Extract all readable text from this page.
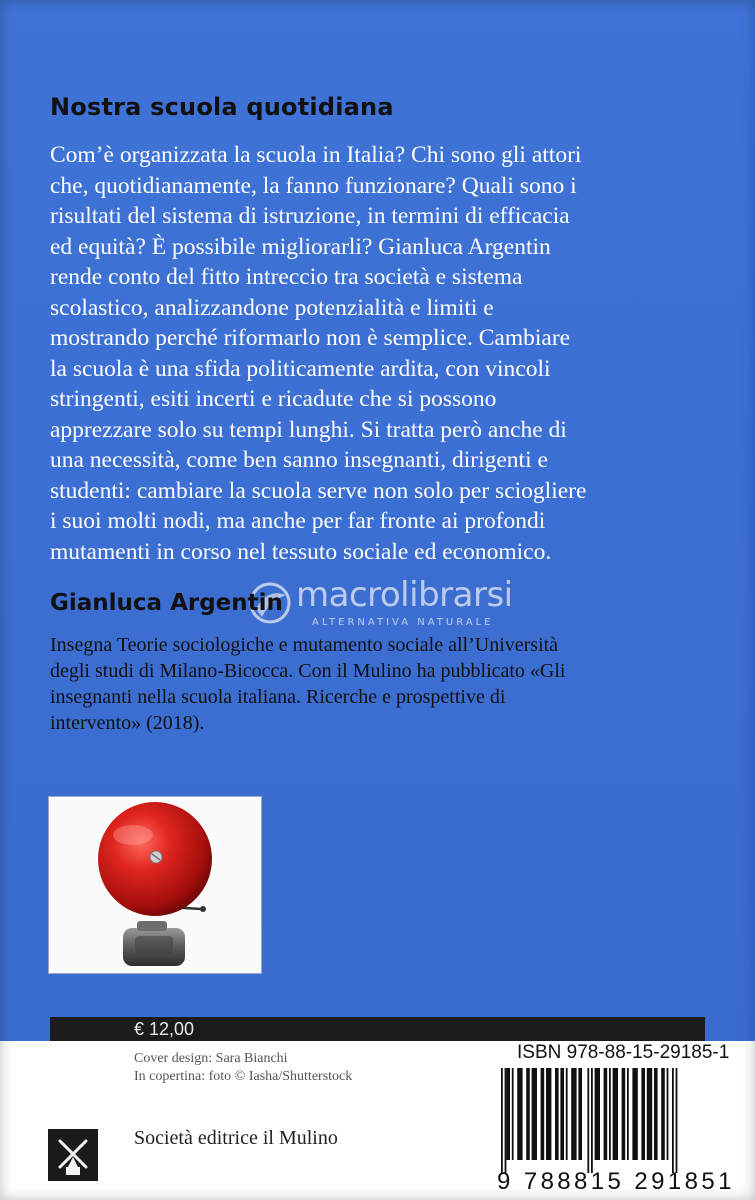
Nostra scuola quotidiana
Com’è organizzata la scuola in Italia? Chi sono gli attori
che, quotidianamente, la fanno funzionare? Quali sono i
risultati del sistema di istruzione, in termini di efficacia
ed equità? È possibile migliorarli? Gianluca Argentin
rende conto del fitto intreccio tra società e sistema
scolastico, analizzandone potenzialità e limiti e
mostrando perché riformarlo non è semplice. Cambiare
la scuola è una sfida politicamente ardita, con vincoli
stringenti, esiti incerti e ricadute che si possono
apprezzare solo su tempi lunghi. Si tratta però anche di
una necessità, come ben sanno insegnanti, dirigenti e
studenti: cambiare la scuola serve non solo per sciogliere
i suoi molti nodi, ma anche per far fronte ai profondi
mutamenti in corso nel tessuto sociale ed economico.
macrolibrarsi
ALTERNATIVA NATURALE
Gianluca Argentin
Insegna Teorie sociologiche e mutamento sociale all’Università
degli studi di Milano-Bicocca. Con il Mulino ha pubblicato «Gli
insegnanti nella scuola italiana. Ricerche e prospettive di
intervento» (2018).
€ 12,00
Cover design: Sara Bianchi
In copertina: foto © Iasha/Shutterstock
Società editrice il Mulino
ISBN 978-88-15-29185-1
9 788815 291851
